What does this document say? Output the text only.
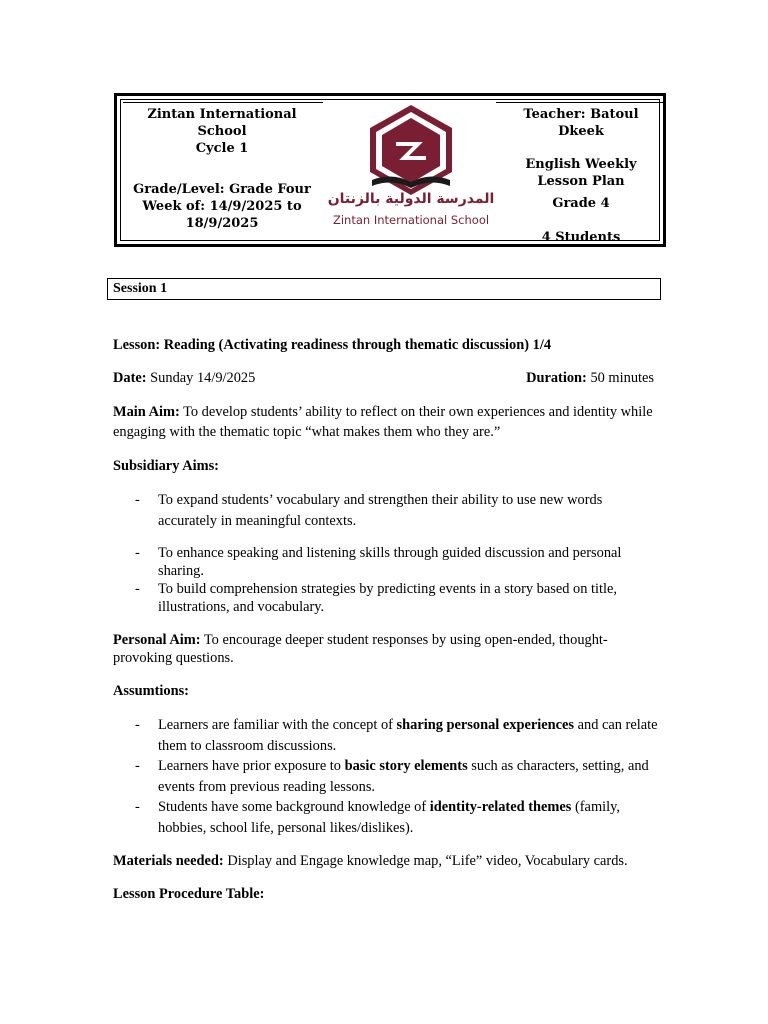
Zintan International School
Cycle 1
Grade/Level: Grade Four
Week of: 14/9/2025 to 18/9/2025
المدرسة الدولية بالزنتان
Zintan International School
Teacher: Batoul Dkeek
English Weekly Lesson Plan
Grade 4
4 Students
Session 1

Lesson: Reading (Activating readiness through thematic discussion) 1/4

Date: Sunday 14/9/2025	Duration: 50 minutes

Main Aim: To develop students’ ability to reflect on their own experiences and identity while engaging with the thematic topic “what makes them who they are.”

Subsidiary Aims:

- To expand students’ vocabulary and strengthen their ability to use new words accurately in meaningful contexts.
- To enhance speaking and listening skills through guided discussion and personal sharing.
- To build comprehension strategies by predicting events in a story based on title, illustrations, and vocabulary.

Personal Aim: To encourage deeper student responses by using open-ended, thought-provoking questions.

Assumtions:

- Learners are familiar with the concept of sharing personal experiences and can relate them to classroom discussions.
- Learners have prior exposure to basic story elements such as characters, setting, and events from previous reading lessons.
- Students have some background knowledge of identity-related themes (family, hobbies, school life, personal likes/dislikes).

Materials needed: Display and Engage knowledge map, “Life” video, Vocabulary cards.

Lesson Procedure Table:
